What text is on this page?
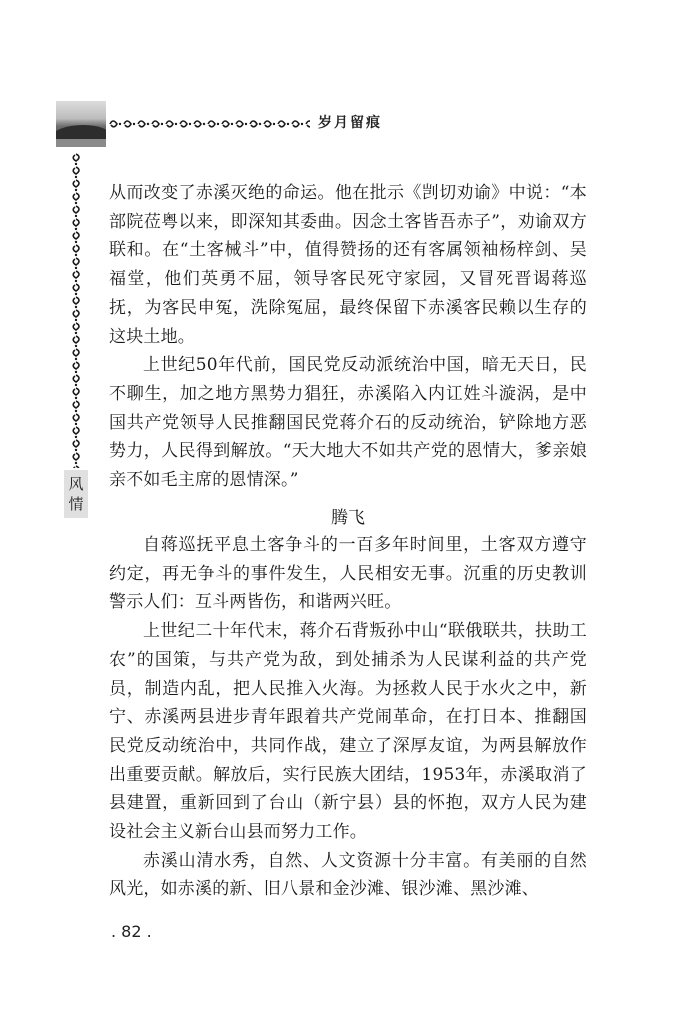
岁月留痕
风
情

从而改变了赤溪灭绝的命运。他在批示《剀切劝谕》中说：“本部院莅粤以来，即深知其委曲。因念土客皆吾赤子”，劝谕双方联和。在“土客械斗”中，值得赞扬的还有客属领袖杨梓剑、吴福堂，他们英勇不屈，领导客民死守家园，又冒死晋谒蒋巡抚，为客民申冤，洗除冤屈，最终保留下赤溪客民赖以生存的这块土地。

上世纪50年代前，国民党反动派统治中国，暗无天日，民不聊生，加之地方黑势力猖狂，赤溪陷入内讧姓斗漩涡，是中国共产党领导人民推翻国民党蒋介石的反动统治，铲除地方恶势力，人民得到解放。“天大地大不如共产党的恩情大，爹亲娘亲不如毛主席的恩情深。”

腾飞

自蒋巡抚平息土客争斗的一百多年时间里，土客双方遵守约定，再无争斗的事件发生，人民相安无事。沉重的历史教训警示人们：互斗两皆伤，和谐两兴旺。

上世纪二十年代末，蒋介石背叛孙中山“联俄联共，扶助工农”的国策，与共产党为敌，到处捕杀为人民谋利益的共产党员，制造内乱，把人民推入火海。为拯救人民于水火之中，新宁、赤溪两县进步青年跟着共产党闹革命，在打日本、推翻国民党反动统治中，共同作战，建立了深厚友谊，为两县解放作出重要贡献。解放后，实行民族大团结，1953年，赤溪取消了县建置，重新回到了台山（新宁县）县的怀抱，双方人民为建设社会主义新台山县而努力工作。

赤溪山清水秀，自然、人文资源十分丰富。有美丽的自然风光，如赤溪的新、旧八景和金沙滩、银沙滩、黑沙滩、

. 82 .
